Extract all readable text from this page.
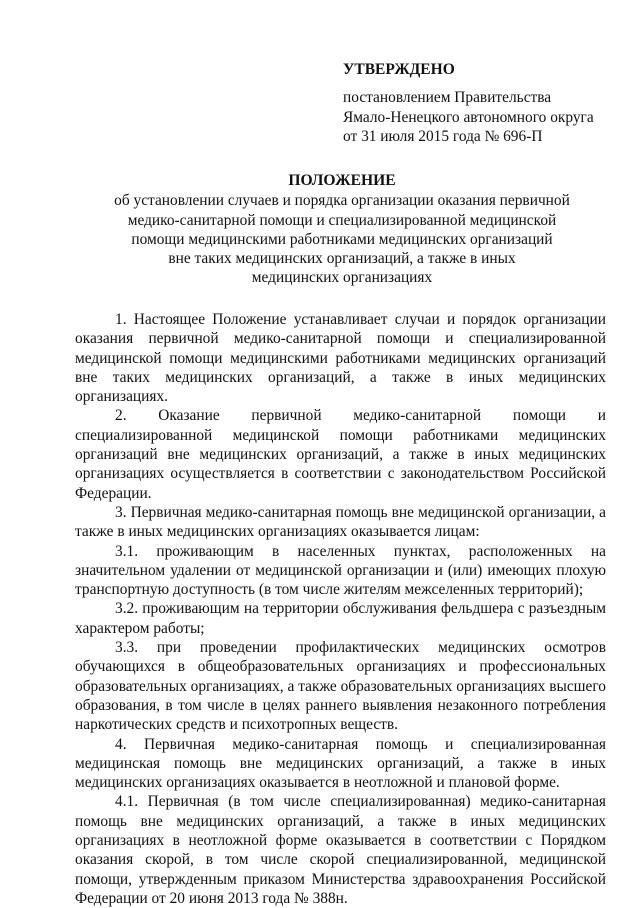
УТВЕРЖДЕНО
постановлением Правительства
Ямало-Ненецкого автономного округа
от 31 июля 2015 года № 696-П
ПОЛОЖЕНИЕ
об установлении случаев и порядка организации оказания первичной
медико-санитарной помощи и специализированной медицинской
помощи медицинскими работниками медицинских организаций
вне таких медицинских организаций, а также в иных
медицинских организациях

1. Настоящее Положение устанавливает случаи и порядок организации оказания первичной медико-санитарной помощи и специализированной медицинской помощи медицинскими работниками медицинских организаций вне таких медицинских организаций, а также в иных медицинских организациях.

2. Оказание первичной медико-санитарной помощи и специализированной медицинской помощи работниками медицинских организаций вне медицинских организаций, а также в иных медицинских организациях осуществляется в соответствии с законодательством Российской Федерации.

3. Первичная медико-санитарная помощь вне медицинской организации, а также в иных медицинских организациях оказывается лицам:

3.1. проживающим в населенных пунктах, расположенных на значительном удалении от медицинской организации и (или) имеющих плохую транспортную доступность (в том числе жителям межселенных территорий);

3.2. проживающим на территории обслуживания фельдшера с разъездным характером работы;

3.3. при проведении профилактических медицинских осмотров обучающихся в общеобразовательных организациях и профессиональных образовательных организациях, а также образовательных организациях высшего образования, в том числе в целях раннего выявления незаконного потребления наркотических средств и психотропных веществ.

4. Первичная медико-санитарная помощь и специализированная медицинская помощь вне медицинских организаций, а также в иных медицинских организациях оказывается в неотложной и плановой форме.

4.1. Первичная (в том числе специализированная) медико-санитарная помощь вне медицинских организаций, а также в иных медицинских организациях в неотложной форме оказывается в соответствии с Порядком оказания скорой, в том числе скорой специализированной, медицинской помощи, утвержденным приказом Министерства здравоохранения Российской Федерации от 20 июня 2013 года № 388н.
